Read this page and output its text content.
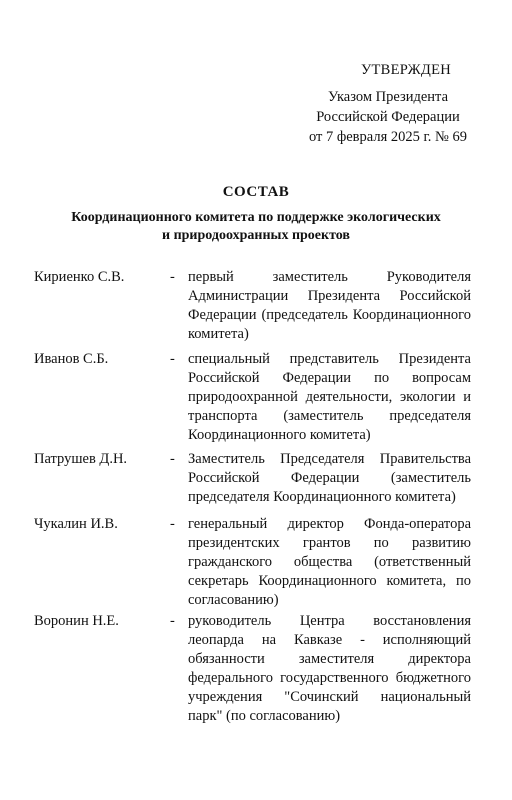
УТВЕРЖДЕН
Указом Президента
Российской Федерации
от 7 февраля 2025 г. № 69
СОСТАВ
Координационного комитета по поддержке экологических
и природоохранных проектов
Кириенко С.В.	- первый заместитель Руководителя Администрации Президента Российской Федерации (председатель Координационного комитета)
Иванов С.Б.	- специальный представитель Президента Российской Федерации по вопросам природоохранной деятельности, экологии и транспорта (заместитель председателя Координационного комитета)
Патрушев Д.Н.	- Заместитель Председателя Правительства Российской Федерации (заместитель председателя Координационного комитета)
Чукалин И.В.	- генеральный директор Фонда-оператора президентских грантов по развитию гражданского общества (ответственный секретарь Координационного комитета, по согласованию)
Воронин Н.Е.	- руководитель Центра восстановления леопарда на Кавказе - исполняющий обязанности заместителя директора федерального государственного бюджетного учреждения "Сочинский национальный парк" (по согласованию)
